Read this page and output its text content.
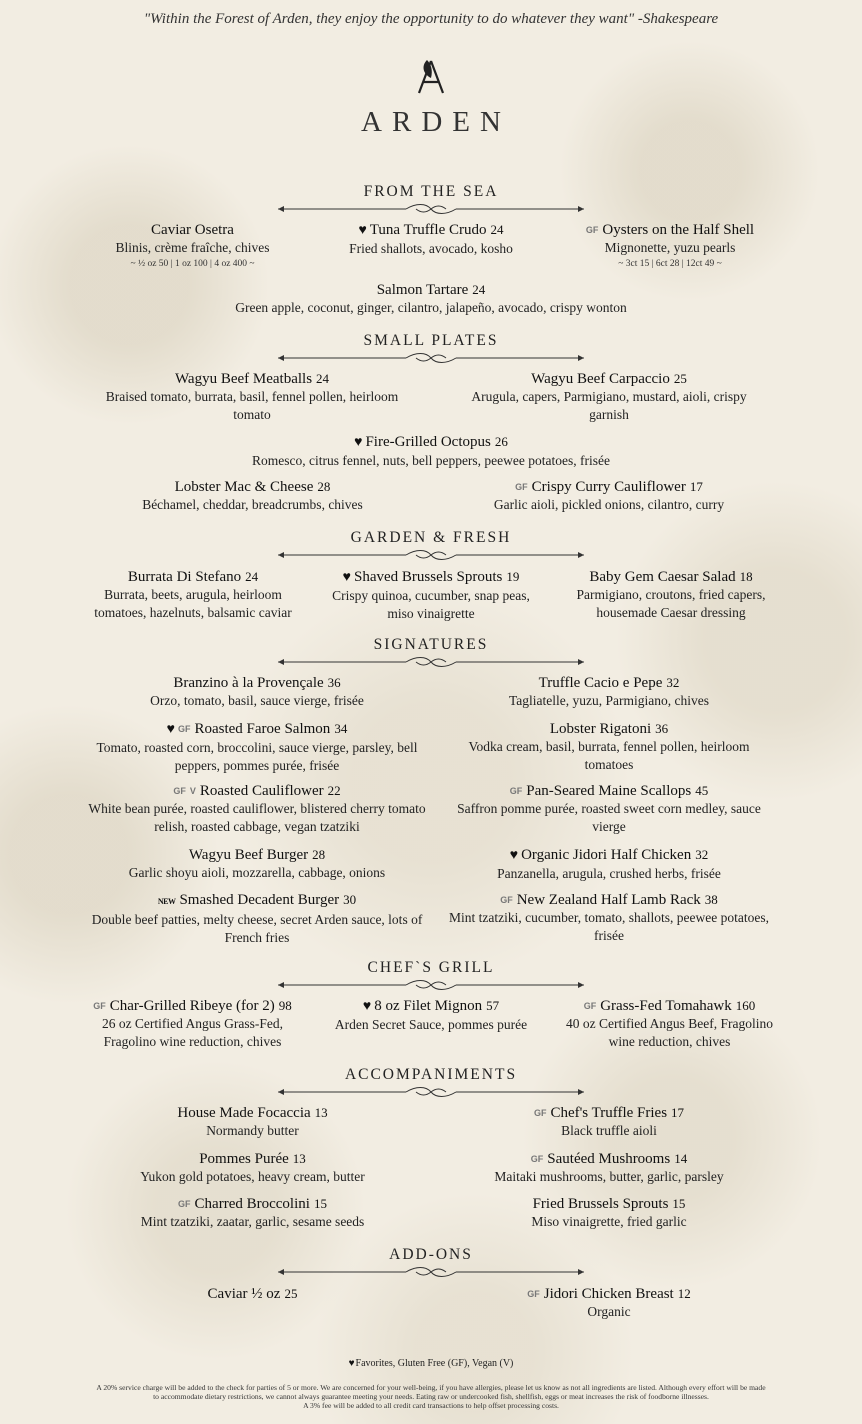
"Within the Forest of Arden, they enjoy the opportunity to do whatever they want" -Shakespeare
ARDEN
FROM THE SEA
Caviar Osetra
Blinis, crème fraîche, chives
~ ½ oz 50 | 1 oz 100 | 4 oz 400 ~
♥ Tuna Truffle Crudo 24
Fried shallots, avocado, kosho
GF Oysters on the Half Shell
Mignonette, yuzu pearls
~ 3ct 15 | 6ct 28 | 12ct 49 ~
Salmon Tartare 24
Green apple, coconut, ginger, cilantro, jalapeño, avocado, crispy wonton
SMALL PLATES
Wagyu Beef Meatballs 24
Braised tomato, burrata, basil, fennel pollen, heirloom tomato
Wagyu Beef Carpaccio 25
Arugula, capers, Parmigiano, mustard, aioli, crispy garnish
♥ Fire-Grilled Octopus 26
Romesco, citrus fennel, nuts, bell peppers, peewee potatoes, frisée
Lobster Mac & Cheese 28
Béchamel, cheddar, breadcrumbs, chives
GF Crispy Curry Cauliflower 17
Garlic aioli, pickled onions, cilantro, curry
GARDEN & FRESH
Burrata Di Stefano 24
Burrata, beets, arugula, heirloom tomatoes, hazelnuts, balsamic caviar
♥ Shaved Brussels Sprouts 19
Crispy quinoa, cucumber, snap peas, miso vinaigrette
Baby Gem Caesar Salad 18
Parmigiano, croutons, fried capers, housemade Caesar dressing
SIGNATURES
Branzino à la Provençale 36
Orzo, tomato, basil, sauce vierge, frisée
Truffle Cacio e Pepe 32
Tagliatelle, yuzu, Parmigiano, chives
♥ GF Roasted Faroe Salmon 34
Tomato, roasted corn, broccolini, sauce vierge, parsley, bell peppers, pommes purée, frisée
Lobster Rigatoni 36
Vodka cream, basil, burrata, fennel pollen, heirloom tomatoes
GF V Roasted Cauliflower 22
White bean purée, roasted cauliflower, blistered cherry tomato relish, roasted cabbage, vegan tzatziki
GF Pan-Seared Maine Scallops 45
Saffron pomme purée, roasted sweet corn medley, sauce vierge
Wagyu Beef Burger 28
Garlic shoyu aioli, mozzarella, cabbage, onions
♥ Organic Jidori Half Chicken 32
Panzanella, arugula, crushed herbs, frisée
NEW Smashed Decadent Burger 30
Double beef patties, melty cheese, secret Arden sauce, lots of French fries
GF New Zealand Half Lamb Rack 38
Mint tzatziki, cucumber, tomato, shallots, peewee potatoes, frisée
CHEF`S GRILL
GF Char-Grilled Ribeye (for 2) 98
26 oz Certified Angus Grass-Fed, Fragolino wine reduction, chives
♥ 8 oz Filet Mignon 57
Arden Secret Sauce, pommes purée
GF Grass-Fed Tomahawk 160
40 oz Certified Angus Beef, Fragolino wine reduction, chives
ACCOMPANIMENTS
House Made Focaccia 13
Normandy butter
GF Chef's Truffle Fries 17
Black truffle aioli
Pommes Purée 13
Yukon gold potatoes, heavy cream, butter
GF Sautéed Mushrooms 14
Maitaki mushrooms, butter, garlic, parsley
GF Charred Broccolini 15
Mint tzatziki, zaatar, garlic, sesame seeds
Fried Brussels Sprouts 15
Miso vinaigrette, fried garlic
ADD-ONS
Caviar ½ oz 25	GF Jidori Chicken Breast 12
Organic
♥Favorites, Gluten Free (GF), Vegan (V)
A 20% service charge will be added to the check for parties of 5 or more. We are concerned for your well-being, if you have allergies, please let us know as not all ingredients are listed. Although every effort will be made
to accommodate dietary restrictions, we cannot always guarantee meeting your needs. Eating raw or undercooked fish, shellfish, eggs or meat increases the risk of foodborne illnesses.
A 3% fee will be added to all credit card transactions to help offset processing costs.
